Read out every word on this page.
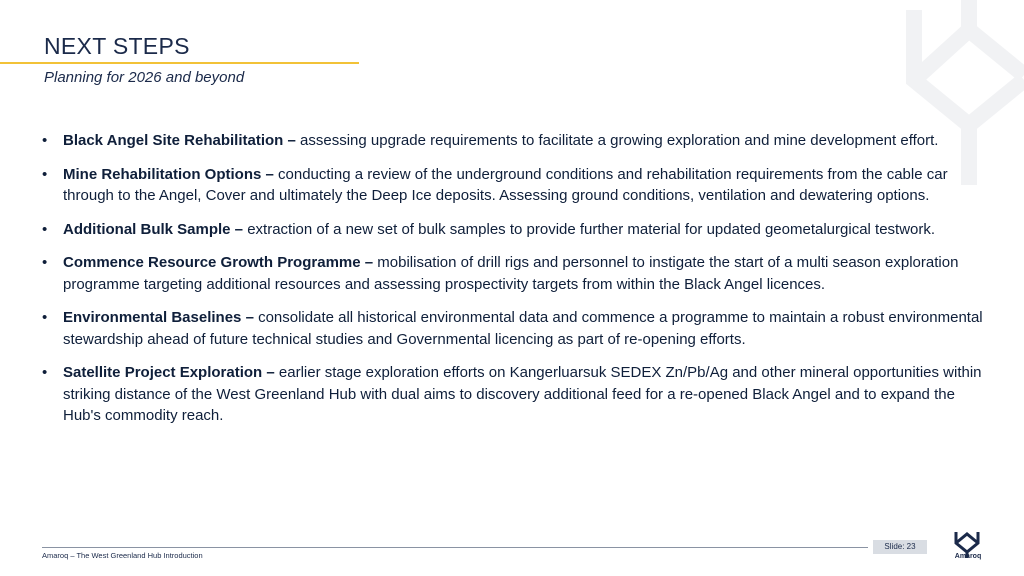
NEXT STEPS
Planning for 2026 and beyond
• Black Angel Site Rehabilitation – assessing upgrade requirements to facilitate a growing exploration and mine development effort.
• Mine Rehabilitation Options – conducting a review of the underground conditions and rehabilitation requirements from the cable car through to the Angel, Cover and ultimately the Deep Ice deposits. Assessing ground conditions, ventilation and dewatering options.
• Additional Bulk Sample – extraction of a new set of bulk samples to provide further material for updated geometalurgical testwork.
• Commence Resource Growth Programme – mobilisation of drill rigs and personnel to instigate the start of a multi season exploration programme targeting additional resources and assessing prospectivity targets from within the Black Angel licences.
• Environmental Baselines – consolidate all historical environmental data and commence a programme to maintain a robust environmental stewardship ahead of future technical studies and Governmental licencing as part of re-opening efforts.
• Satellite Project Exploration – earlier stage exploration efforts on Kangerluarsuk SEDEX Zn/Pb/Ag and other mineral opportunities within striking distance of the West Greenland Hub with dual aims to discovery additional feed for a re-opened Black Angel and to expand the Hub's commodity reach.
Amaroq – The West Greenland Hub Introduction
Slide: 23
Amaroq
